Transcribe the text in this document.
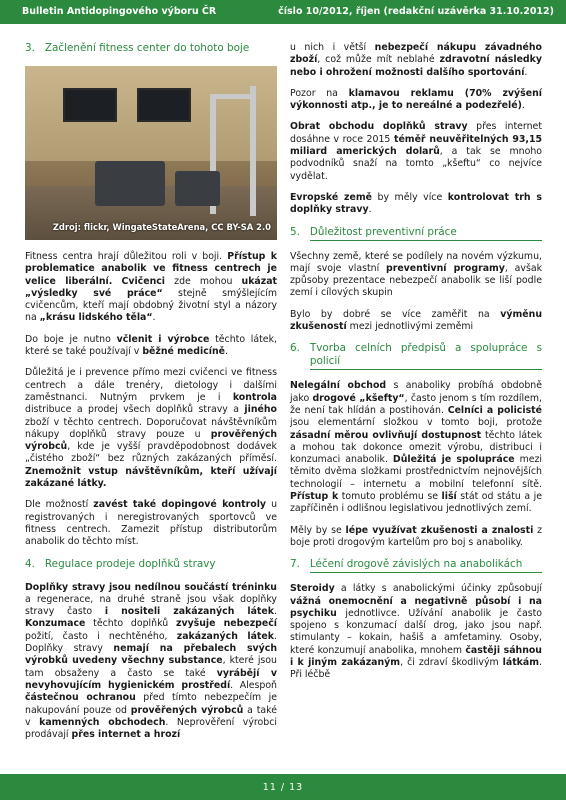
Bulletin Antidopingového výboru ČR	číslo 10/2012, říjen (redakční uzávěrka 31.10.2012)
3. Začlenění fitness center do tohoto boje
Zdroj: flickr, WingateStateArena, CC BY-SA 2.0

Fitness centra hrají důležitou roli v boji. Přístup k problematice anabolik ve fitness centrech je velice liberální. Cvičenci zde mohou ukázat „výsledky své práce“ stejně smýšlejícím cvičencům, kteří mají obdobný životní styl a názory na „krásu lidského těla“.

Do boje je nutno včlenit i výrobce těchto látek, které se také používají v běžné medicíně.

Důležitá je i prevence přímo mezi cvičenci ve fitness centrech a dále trenéry, dietology i dalšími zaměstnanci. Nutným prvkem je i kontrola distribuce a prodej všech doplňků stravy a jiného zboží v těchto centrech. Doporučovat návštěvníkům nákupy doplňků stravy pouze u prověřených výrobců, kde je vyšší pravděpodobnost dodávek „čistého zboží“ bez různých zakázaných příměsí. Znemožnit vstup návštěvníkům, kteří užívají zakázané látky.

Dle možností zavést také dopingové kontroly u registrovaných i neregistrovaných sportovců ve fitness centrech. Zamezit přístup distributorům anabolik do těchto míst.

4. Regulace prodeje doplňků stravy

Doplňky stravy jsou nedílnou součástí tréninku a regenerace, na druhé straně jsou však doplňky stravy často i nositeli zakázaných látek. Konzumace těchto doplňků zvyšuje nebezpečí požití, často i nechtěného, zakázaných látek. Doplňky stravy nemají na přebalech svých výrobků uvedeny všechny substance, které jsou tam obsaženy a často se také vyrábějí v nevyhovujícím hygienickém prostředí. Alespoň částečnou ochranou před tímto nebezpečím je nakupování pouze od prověřených výrobců a také v kamenných obchodech. Neprověření výrobci prodávají přes internet a hrozí

u nich i větší nebezpečí nákupu závadného zboží, což může mít neblahé zdravotní následky nebo i ohrožení možnosti dalšího sportování.

Pozor na klamavou reklamu (70% zvýšení výkonnosti atp., je to nereálné a podezřelé).

Obrat obchodu doplňků stravy přes internet dosáhne v roce 2015 téměř neuvěřitelných 93,15 miliard amerických dolarů, a tak se mnoho podvodníků snaží na tomto „kšeftu“ co nejvíce vydělat.

Evropské země by měly více kontrolovat trh s doplňky stravy.

5. Důležitost preventivní práce

Všechny země, které se podílely na novém výzkumu, mají svoje vlastní preventivní programy, avšak způsoby prezentace nebezpečí anabolik se liší podle zemí i cílových skupin

Bylo by dobré se více zaměřit na výměnu zkušeností mezi jednotlivými zeměmi

6. Tvorba celních předpisů a spolupráce s policií

Nelegální obchod s anaboliky probíhá obdobně jako drogové „kšefty“, často jenom s tím rozdílem, že není tak hlídán a postihován. Celníci a policisté jsou elementární složkou v tomto boji, protože zásadní měrou ovlivňují dostupnost těchto látek a mohou tak dokonce omezit výrobu, distribuci i konzumaci anabolik. Důležitá je spolupráce mezi těmito dvěma složkami prostřednictvím nejnovějších technologií – internetu a mobilní telefonní sítě. Přístup k tomuto problému se liší stát od státu a je zapříčiněn i odlišnou legislativou jednotlivých zemí.

Měly by se lépe využívat zkušenosti a znalosti z boje proti drogovým kartelům pro boj s anaboliky.

7. Léčení drogově závislých na anabolikách

Steroidy a látky s anabolickými účinky způsobují vážná onemocnění a negativně působí i na psychiku jednotlivce. Užívání anabolik je často spojeno s konzumací další drog, jako jsou např. stimulanty – kokain, hašiš a amfetaminy. Osoby, které konzumují anabolika, mnohem častěji sáhnou i k jiným zakázaným, či zdraví škodlivým látkám. Při léčbě

11 / 13
